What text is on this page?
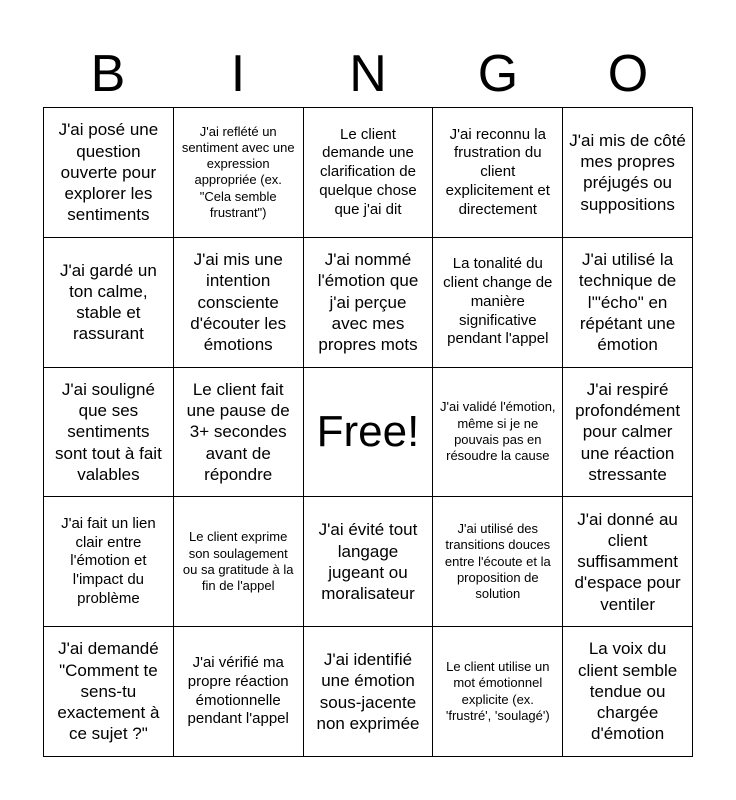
B	I	N	G	O
J'ai posé une question ouverte pour explorer les sentiments
J'ai reflété un sentiment avec une expression appropriée (ex. "Cela semble frustrant")
Le client demande une clarification de quelque chose que j'ai dit
J'ai reconnu la frustration du client explicitement et directement
J'ai mis de côté mes propres préjugés ou suppositions
J'ai gardé un ton calme, stable et rassurant
J'ai mis une intention consciente d'écouter les émotions
J'ai nommé l'émotion que j'ai perçue avec mes propres mots
La tonalité du client change de manière significative pendant l'appel
J'ai utilisé la technique de l'"écho" en répétant une émotion
J'ai souligné que ses sentiments sont tout à fait valables
Le client fait une pause de 3+ secondes avant de répondre
Free!
J'ai validé l'émotion, même si je ne pouvais pas en résoudre la cause
J'ai respiré profondément pour calmer une réaction stressante
J'ai fait un lien clair entre l'émotion et l'impact du problème
Le client exprime son soulagement ou sa gratitude à la fin de l'appel
J'ai évité tout langage jugeant ou moralisateur
J'ai utilisé des transitions douces entre l'écoute et la proposition de solution
J'ai donné au client suffisamment d'espace pour ventiler
J'ai demandé "Comment te sens-tu exactement à ce sujet ?"
J'ai vérifié ma propre réaction émotionnelle pendant l'appel
J'ai identifié une émotion sous-jacente non exprimée
Le client utilise un mot émotionnel explicite (ex. 'frustré', 'soulagé')
La voix du client semble tendue ou chargée d'émotion
